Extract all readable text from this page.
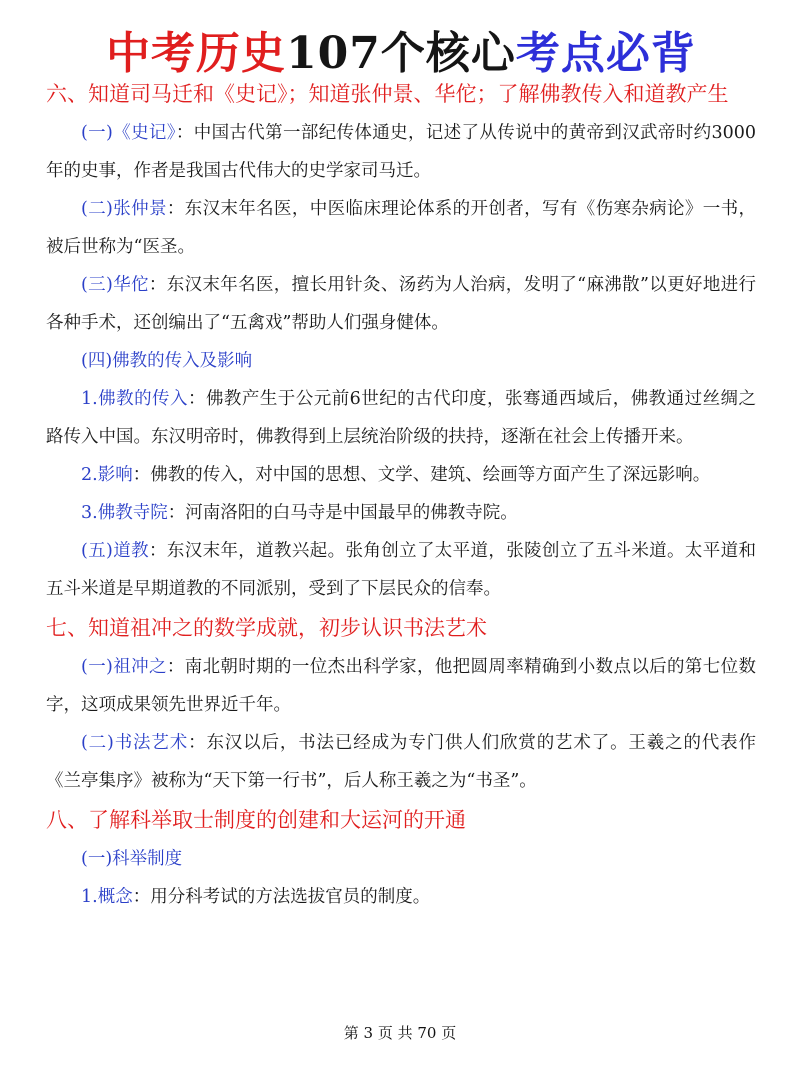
中考历史107个核心考点必背

六、知道司马迁和《史记》；知道张仲景、华佗；了解佛教传入和道教产生

(一)《史记》：中国古代第一部纪传体通史，记述了从传说中的黄帝到汉武帝时约3000年的史事，作者是我国古代伟大的史学家司马迁。

(二)张仲景：东汉末年名医，中医临床理论体系的开创者，写有《伤寒杂病论》一书，被后世称为“医圣。

(三)华佗：东汉末年名医，擅长用针灸、汤药为人治病，发明了“麻沸散”以更好地进行各种手术，还创编出了“五禽戏”帮助人们强身健体。

(四)佛教的传入及影响

1.佛教的传入：佛教产生于公元前6世纪的古代印度，张骞通西域后，佛教通过丝绸之路传入中国。东汉明帝时，佛教得到上层统治阶级的扶持，逐渐在社会上传播开来。

2.影响：佛教的传入，对中国的思想、文学、建筑、绘画等方面产生了深远影响。

3.佛教寺院：河南洛阳的白马寺是中国最早的佛教寺院。

(五)道教：东汉末年，道教兴起。张角创立了太平道，张陵创立了五斗米道。太平道和五斗米道是早期道教的不同派别，受到了下层民众的信奉。

七、知道祖冲之的数学成就，初步认识书法艺术

(一)祖冲之：南北朝时期的一位杰出科学家，他把圆周率精确到小数点以后的第七位数字，这项成果领先世界近千年。

(二)书法艺术：东汉以后，书法已经成为专门供人们欣赏的艺术了。王羲之的代表作《兰亭集序》被称为“天下第一行书”，后人称王羲之为“书圣”。

八、了解科举取士制度的创建和大运河的开通

(一)科举制度

1.概念：用分科考试的方法选拔官员的制度。

第 3 页 共 70 页
